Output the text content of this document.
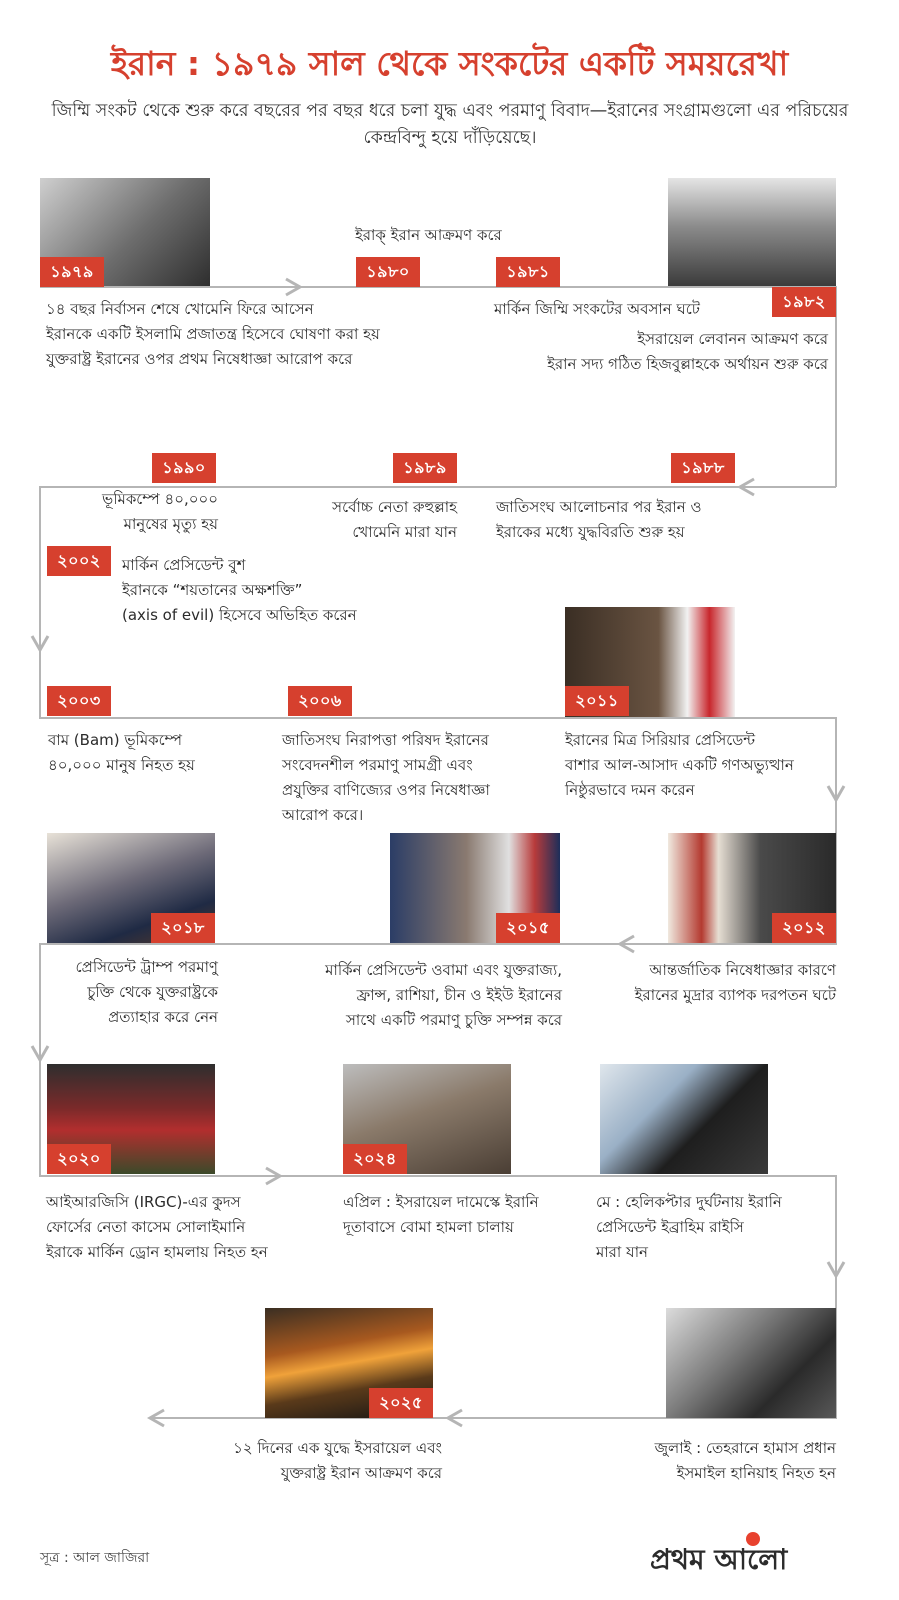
ইরান : ১৯৭৯ সাল থেকে সংকটের একটি সময়রেখা
জিম্মি সংকট থেকে শুরু করে বছরের পর বছর ধরে চলা যুদ্ধ এবং পরমাণু বিবাদ—ইরানের সংগ্রামগুলো এর পরিচয়ের কেন্দ্রবিন্দু হয়ে দাঁড়িয়েছে।
১৯৭৯	১৯৮০	১৯৮১
১৯৮২
১৯৮৮
১৯৮৯
১৯৯০
২০০২
২০০৩	২০০৬	২০১১
২০১৮	২০১৫	২০১২
২০২০	২০২৪
২০২৫
১৪ বছর নির্বাসন শেষে খোমেনি ফিরে আসেন
ইরানকে একটি ইসলামি প্রজাতন্ত্র হিসেবে ঘোষণা করা হয়
যুক্তরাষ্ট্র ইরানের ওপর প্রথম নিষেধাজ্ঞা আরোপ করে
ইরাক্ ইরান আক্রমণ করে
মার্কিন জিম্মি সংকটের অবসান ঘটে
ইসরায়েল লেবানন আক্রমণ করে
ইরান সদ্য গঠিত হিজবুল্লাহকে অর্থায়ন শুরু করে
জাতিসংঘ আলোচনার পর ইরান ও
ইরাকের মধ্যে যুদ্ধবিরতি শুরু হয়
সর্বোচ্চ নেতা রুহুল্লাহ
খোমেনি মারা যান
ভূমিকম্পে ৪০,০০০
মানুষের মৃত্যু হয়
মার্কিন প্রেসিডেন্ট বুশ
ইরানকে “শয়তানের অক্ষশক্তি”
(axis of evil) হিসেবে অভিহিত করেন
বাম (Bam) ভূমিকম্পে
৪০,০০০ মানুষ নিহত হয়
জাতিসংঘ নিরাপত্তা পরিষদ ইরানের
সংবেদনশীল পরমাণু সামগ্রী এবং
প্রযুক্তির বাণিজ্যের ওপর নিষেধাজ্ঞা
আরোপ করে।
ইরানের মিত্র সিরিয়ার প্রেসিডেন্ট
বাশার আল-আসাদ একটি গণঅভ্যুত্থান
নিষ্ঠুরভাবে দমন করেন
প্রেসিডেন্ট ট্রাম্প পরমাণু
চুক্তি থেকে যুক্তরাষ্ট্রকে
প্রত্যাহার করে নেন
মার্কিন প্রেসিডেন্ট ওবামা এবং যুক্তরাজ্য,
ফ্রান্স, রাশিয়া, চীন ও ইইউ ইরানের
সাথে একটি পরমাণু চুক্তি সম্পন্ন করে
আন্তর্জাতিক নিষেধাজ্ঞার কারণে
ইরানের মুদ্রার ব্যাপক দরপতন ঘটে
আইআরজিসি (IRGC)-এর কুদস
ফোর্সের নেতা কাসেম সোলাইমানি
ইরাকে মার্কিন ড্রোন হামলায় নিহত হন
এপ্রিল : ইসরায়েল দামেস্কে ইরানি
দূতাবাসে বোমা হামলা চালায়
মে : হেলিকপ্টার দুর্ঘটনায় ইরানি
প্রেসিডেন্ট ইব্রাহিম রাইসি
মারা যান
জুলাই : তেহরানে হামাস প্রধান
ইসমাইল হানিয়াহ নিহত হন
১২ দিনের এক যুদ্ধে ইসরায়েল এবং
যুক্তরাষ্ট্র ইরান আক্রমণ করে
সূত্র : আল জাজিরা	প্রথম আলো
